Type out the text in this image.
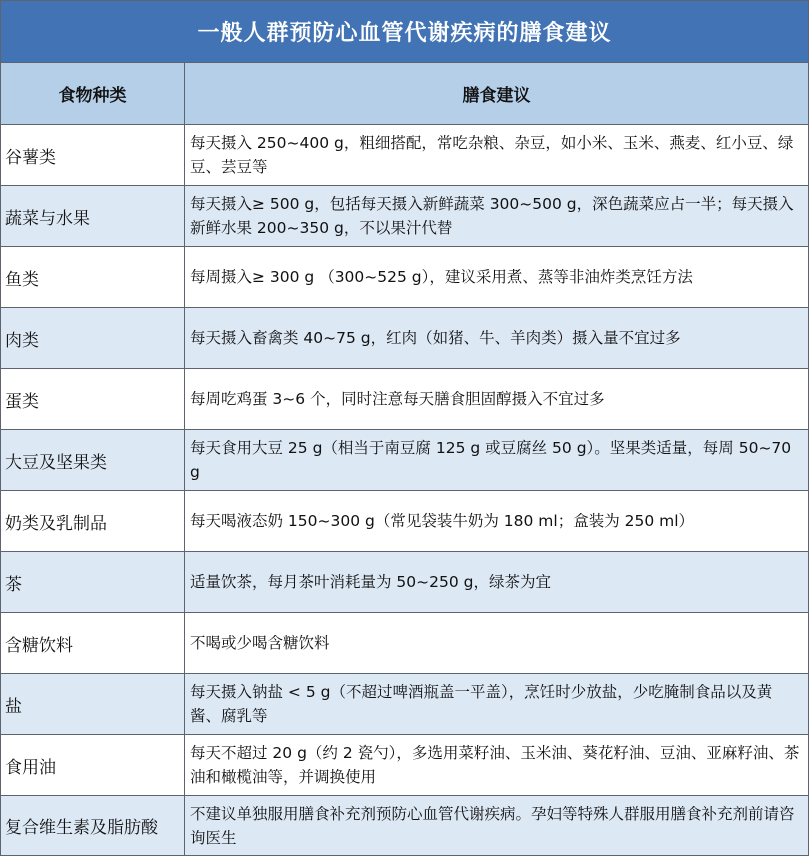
一般人群预防心血管代谢疾病的膳食建议	
食物种类	膳食建议
谷薯类	每天摄入 250~400 g，粗细搭配，常吃杂粮、杂豆，如小米、玉米、燕麦、红小豆、绿豆、芸豆等
蔬菜与水果	每天摄入≥ 500 g，包括每天摄入新鲜蔬菜 300~500 g，深色蔬菜应占一半；每天摄入新鲜水果 200~350 g，不以果汁代替
鱼类	每周摄入≥ 300 g （300~525 g），建议采用煮、蒸等非油炸类烹饪方法
肉类	每天摄入畜禽类 40~75 g，红肉（如猪、牛、羊肉类）摄入量不宜过多
蛋类	每周吃鸡蛋 3~6 个，同时注意每天膳食胆固醇摄入不宜过多
大豆及坚果类	每天食用大豆 25 g（相当于南豆腐 125 g 或豆腐丝 50 g）。坚果类适量，每周 50~70 g
奶类及乳制品	每天喝液态奶 150~300 g（常见袋装牛奶为 180 ml；盒装为 250 ml）
茶	适量饮茶，每月茶叶消耗量为 50~250 g，绿茶为宜
含糖饮料	不喝或少喝含糖饮料
盐	每天摄入钠盐 < 5 g（不超过啤酒瓶盖一平盖），烹饪时少放盐，少吃腌制食品以及黄酱、腐乳等
食用油	每天不超过 20 g（约 2 瓷勺），多选用菜籽油、玉米油、葵花籽油、豆油、亚麻籽油、茶油和橄榄油等，并调换使用
复合维生素及脂肪酸	不建议单独服用膳食补充剂预防心血管代谢疾病。孕妇等特殊人群服用膳食补充剂前请咨询医生
